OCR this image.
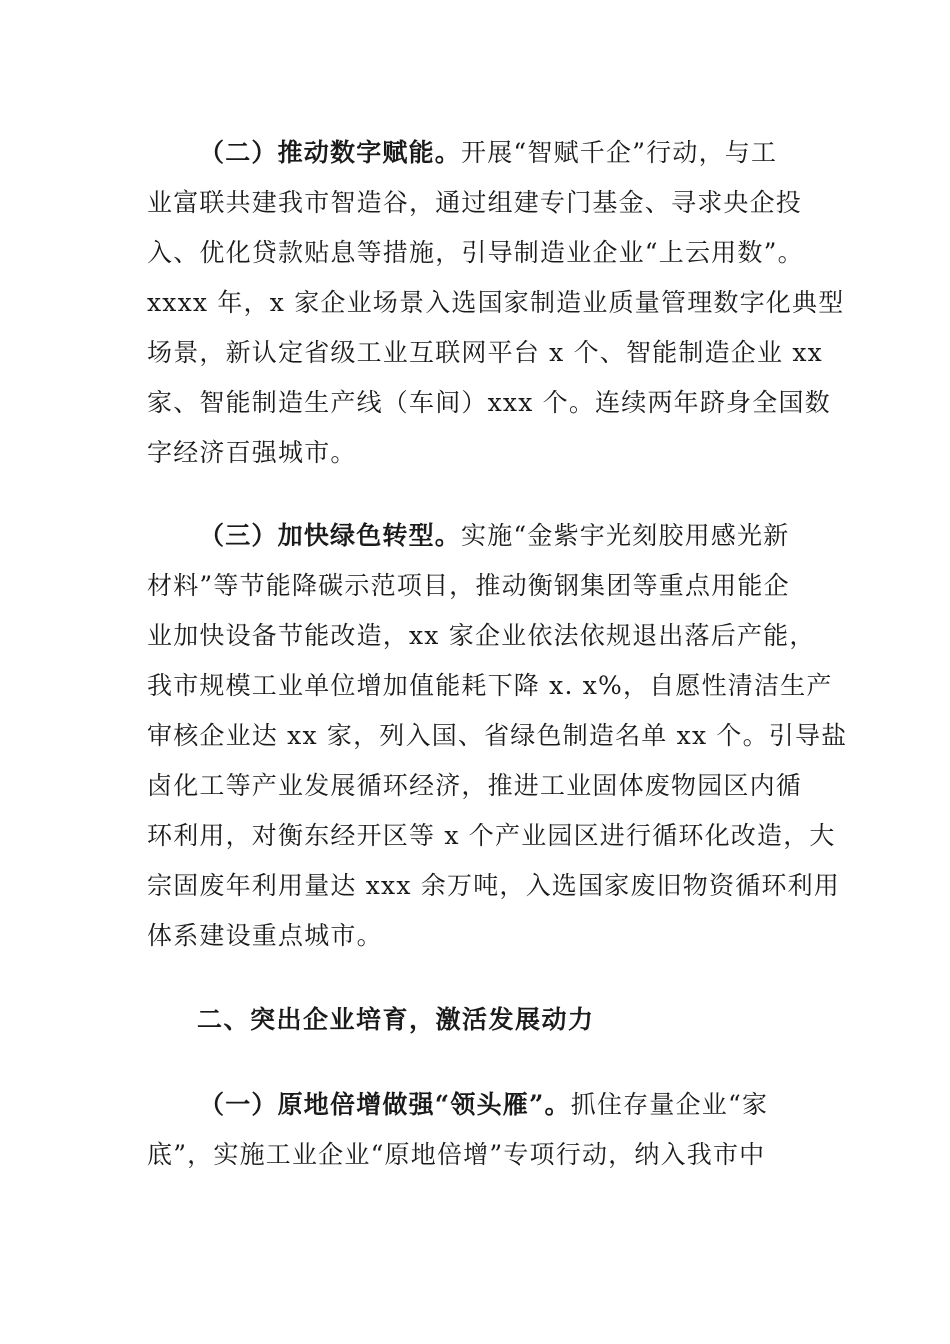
（二）推动数字赋能。开展“智赋千企”行动，与工
业富联共建我市智造谷，通过组建专门基金、寻求央企投
入、优化贷款贴息等措施，引导制造业企业“上云用数”。
xxxx 年，x 家企业场景入选国家制造业质量管理数字化典型
场景，新认定省级工业互联网平台 x 个、智能制造企业 xx
家、智能制造生产线（车间）xxx 个。连续两年跻身全国数
字经济百强城市。
（三）加快绿色转型。实施“金紫宇光刻胶用感光新
材料”等节能降碳示范项目，推动衡钢集团等重点用能企
业加快设备节能改造，xx 家企业依法依规退出落后产能，
我市规模工业单位增加值能耗下降 x. x%，自愿性清洁生产
审核企业达 xx 家，列入国、省绿色制造名单 xx 个。引导盐
卤化工等产业发展循环经济，推进工业固体废物园区内循
环利用，对衡东经开区等 x 个产业园区进行循环化改造，大
宗固废年利用量达 xxx 余万吨，入选国家废旧物资循环利用
体系建设重点城市。
二、突出企业培育，激活发展动力
（一）原地倍增做强“领头雁”。抓住存量企业“家
底”，实施工业企业“原地倍增”专项行动，纳入我市中
